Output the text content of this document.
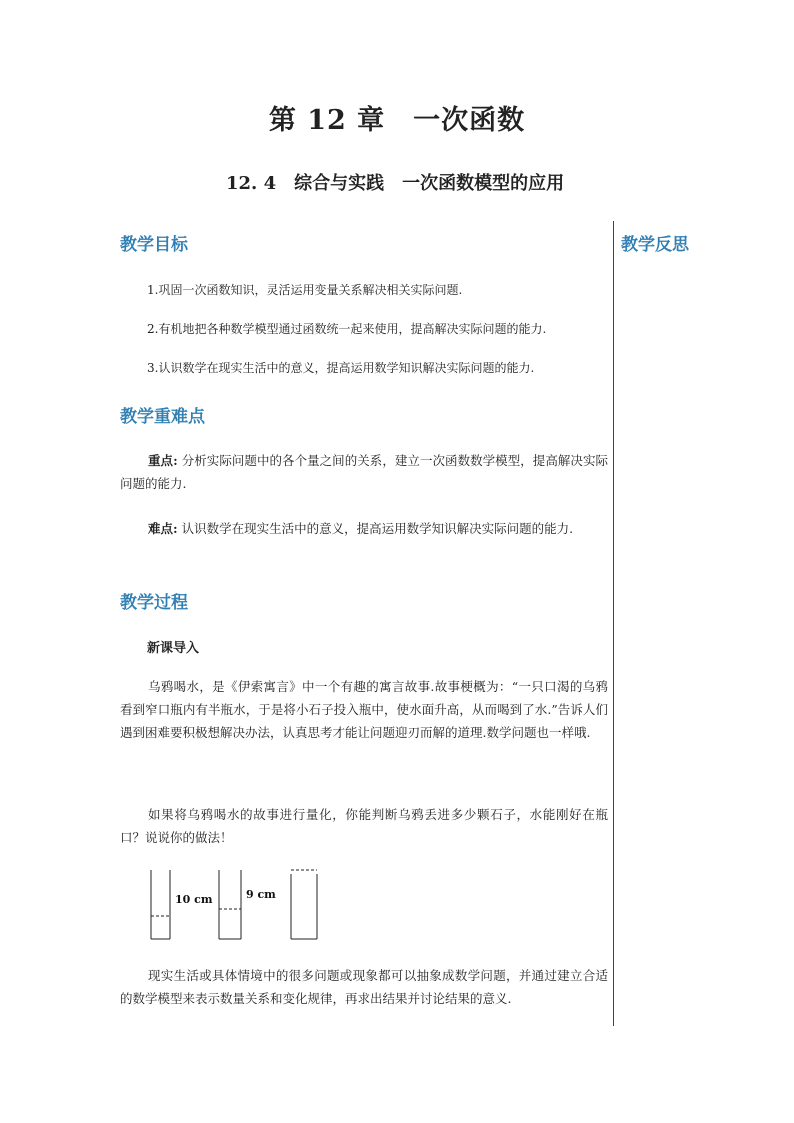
第 12 章　一次函数
12. 4　综合与实践　一次函数模型的应用
教学反思
教学目标
1.巩固一次函数知识，灵活运用变量关系解决相关实际问题.
2.有机地把各种数学模型通过函数统一起来使用，提高解决实际问题的能力.
3.认识数学在现实生活中的意义，提高运用数学知识解决实际问题的能力.
教学重难点
重点: 分析实际问题中的各个量之间的关系，建立一次函数数学模型，提高解决实际问题的能力.
难点: 认识数学在现实生活中的意义，提高运用数学知识解决实际问题的能力.
教学过程
新课导入
乌鸦喝水，是《伊索寓言》中一个有趣的寓言故事.故事梗概为：“一只口渴的乌鸦看到窄口瓶内有半瓶水，于是将小石子投入瓶中，使水面升高，从而喝到了水.”告诉人们遇到困难要积极想解决办法，认真思考才能让问题迎刃而解的道理.数学问题也一样哦.
如果将乌鸦喝水的故事进行量化，你能判断乌鸦丢进多少颗石子，水能刚好在瓶口？说说你的做法！
10 cm	9 cm
现实生活或具体情境中的很多问题或现象都可以抽象成数学问题，并通过建立合适的数学模型来表示数量关系和变化规律，再求出结果并讨论结果的意义.
